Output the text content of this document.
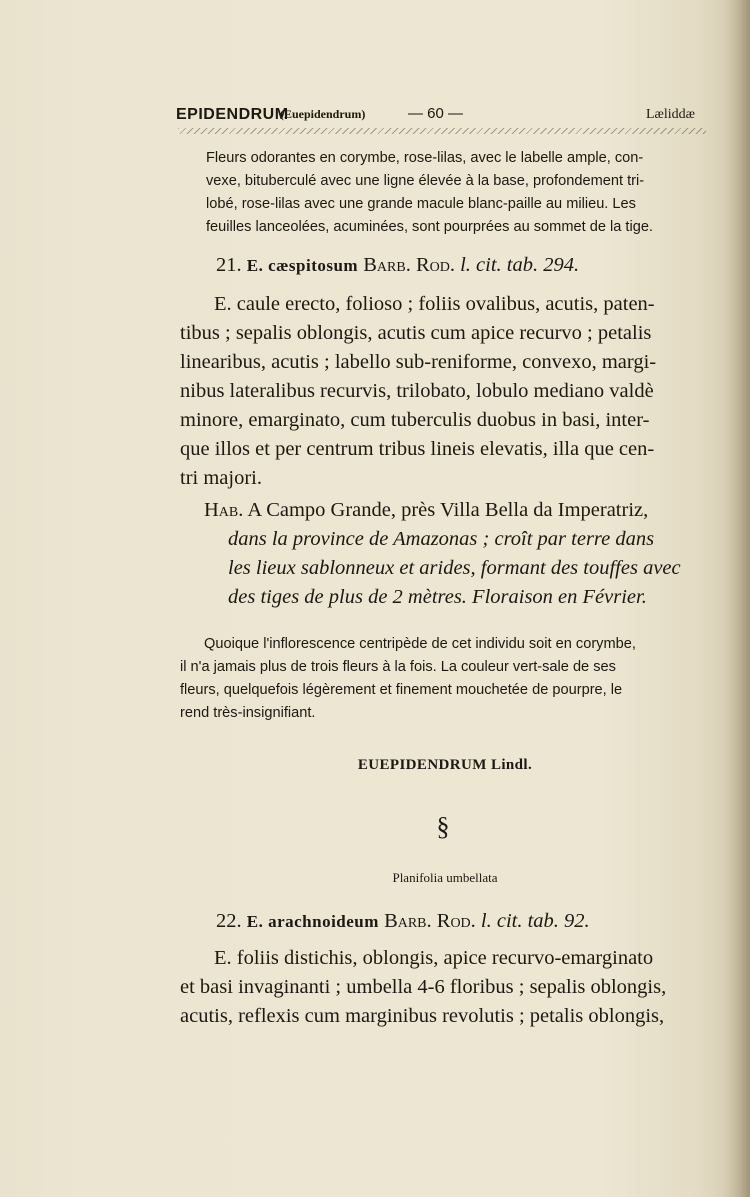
EPIDENDRUM
(Euepidendrum)	— 60 —	Læliddæ
Fleurs odorantes en corymbe, rose-lilas, avec le labelle ample, con-
vexe, bituberculé avec une ligne élevée à la base, profondement tri-
lobé, rose-lilas avec une grande macule blanc-paille au milieu. Les
feuilles lanceolées, acuminées, sont pourprées au sommet de la tige.
21. E. cæspitosum Barb. Rod. l. cit. tab. 294.
E. caule erecto, folioso ; foliis ovalibus, acutis, paten-
tibus ; sepalis oblongis, acutis cum apice recurvo ; petalis
linearibus, acutis ; labello sub-reniforme, convexo, margi-
nibus lateralibus recurvis, trilobato, lobulo mediano valdè
minore, emarginato, cum tuberculis duobus in basi, inter-
que illos et per centrum tribus lineis elevatis, illa que cen-
tri majori.
Hab. A Campo Grande, près Villa Bella da Imperatriz,
dans la province de Amazonas ; croît par terre dans
les lieux sablonneux et arides, formant des touffes avec
des tiges de plus de 2 mètres. Floraison en Février.
Quoique l'inflorescence centripède de cet individu soit en corymbe,
il n'a jamais plus de trois fleurs à la fois. La couleur vert-sale de ses
fleurs, quelquefois légèrement et finement mouchetée de pourpre, le
rend très-insignifiant.
EUEPIDENDRUM Lindl.
§
Planifolia umbellata
22. E. arachnoideum Barb. Rod. l. cit. tab. 92.
E. foliis distichis, oblongis, apice recurvo-emarginato
et basi invaginanti ; umbella 4-6 floribus ; sepalis oblongis,
acutis, reflexis cum marginibus revolutis ; petalis oblongis,
